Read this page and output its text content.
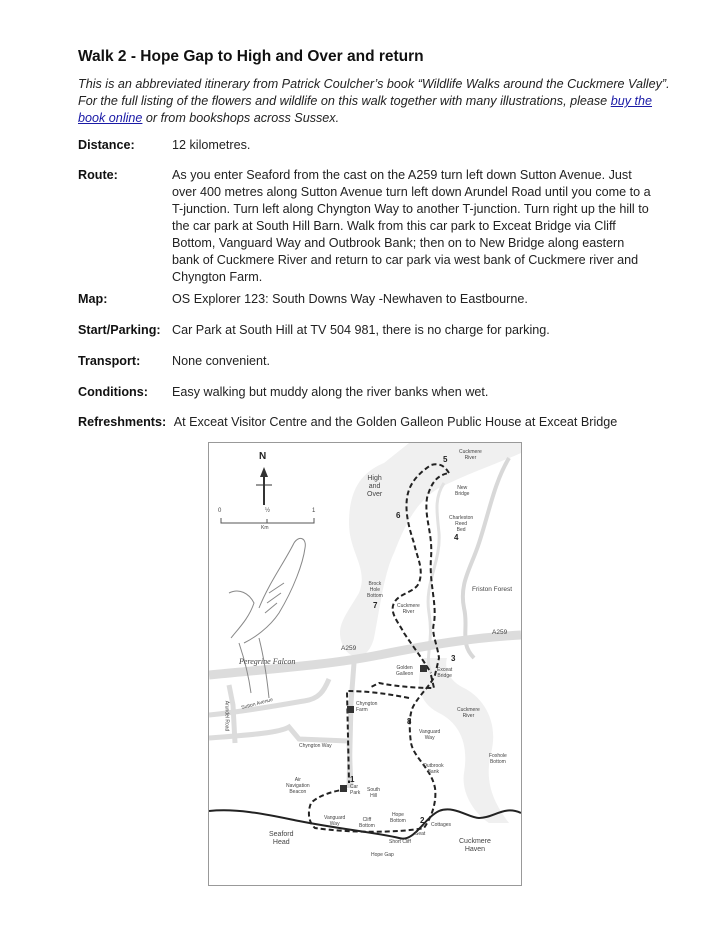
Walk 2 - Hope Gap to High and Over and return
This is an abbreviated itinerary from Patrick Coulcher’s book “Wildlife Walks around the Cuckmere Valley”. For the full listing of the flowers and wildlife on this walk together with many illustrations, please buy the book online or from bookshops across Sussex.
Distance:	12 kilometres.
Route:	As you enter Seaford from the cast on the A259 turn left down Sutton Avenue. Just over 400 metres along Sutton Avenue turn left down Arundel Road until you come to a T-junction. Turn left along Chyngton Way to another T-junction. Turn right up the hill to the car park at South Hill Barn. Walk from this car park to Exceat Bridge via Cliff Bottom, Vanguard Way and Outbrook Bank; then on to New Bridge along eastern bank of Cuckmere River and return to car park via west bank of Cuckmere river and Chyngton Farm.
Map:	OS Explorer 123: South Downs Way -Newhaven to Eastbourne.
Start/Parking: Car Park at South Hill at TV 504 981, there is no charge for parking.
Transport:	None convenient.
Conditions: Easy walking but muddy along the river banks when wet.
Refreshments: At Exceat Visitor Centre and the Golden Galleon Public House at Exceat Bridge
N
0	½	1
Km
Peregrine Falcon
Cuckmere
River
High
and
Over
New
Bridge
Charleston
Reed
Bed
Friston Forest
Brock
Hole
Bottom
Cuckmere
River
A259
A259
Golden
Galleon
Exceat
Bridge
Sutton Avenue
Arundel Road	Chyngton
Farm	Cuckmere
River
Vanguard
Way
Chyngton Way
Foxhole
Bottom
Outbrook
Bank
Air
Navigation
Beacon
Car
Park South
Hill
Vanguard
Way
Cliff
Bottom
Hope
Bottom
Cottages
Seat
Short Cliff
Hope Gap
Seaford
Head	Cuckmere
Haven
1
2
3
4
5
6
7
8
